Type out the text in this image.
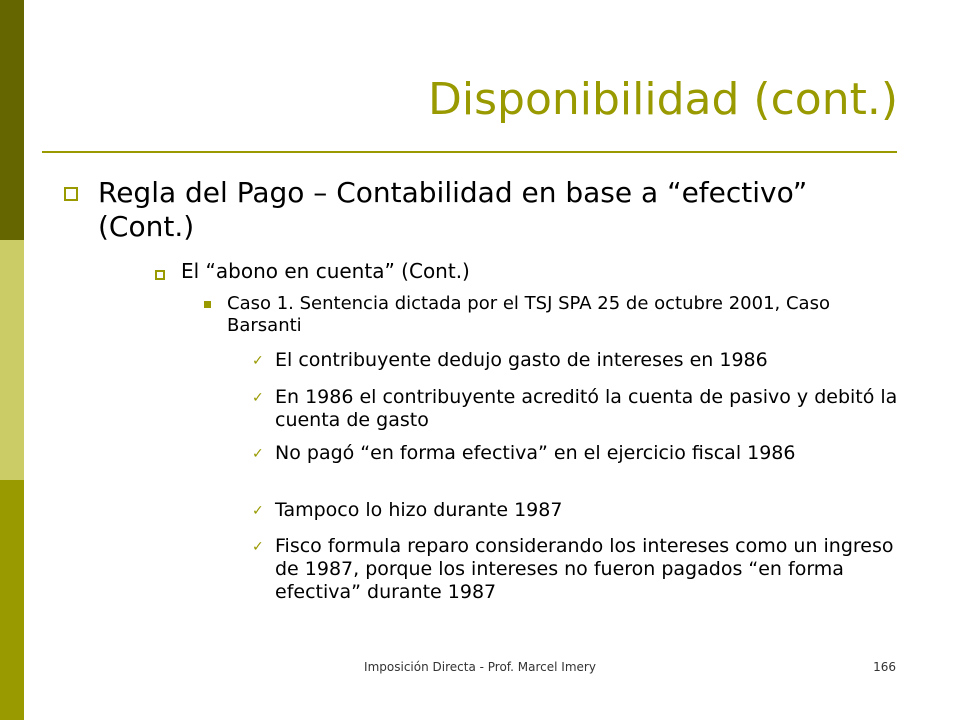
Disponibilidad (cont.)
Regla del Pago – Contabilidad en base a “efectivo” (Cont.)
El “abono en cuenta” (Cont.)
Caso 1. Sentencia dictada por el TSJ SPA 25 de octubre 2001, Caso Barsanti
✓ El contribuyente dedujo gasto de intereses en 1986
✓ En 1986 el contribuyente acreditó la cuenta de pasivo y debitó la cuenta de gasto
✓ No pagó “en forma efectiva” en el ejercicio fiscal 1986
✓ Tampoco lo hizo durante 1987
✓ Fisco formula reparo considerando los intereses como un ingreso de 1987, porque los intereses no fueron pagados “en forma efectiva” durante 1987
Imposición Directa - Prof. Marcel Imery	166
